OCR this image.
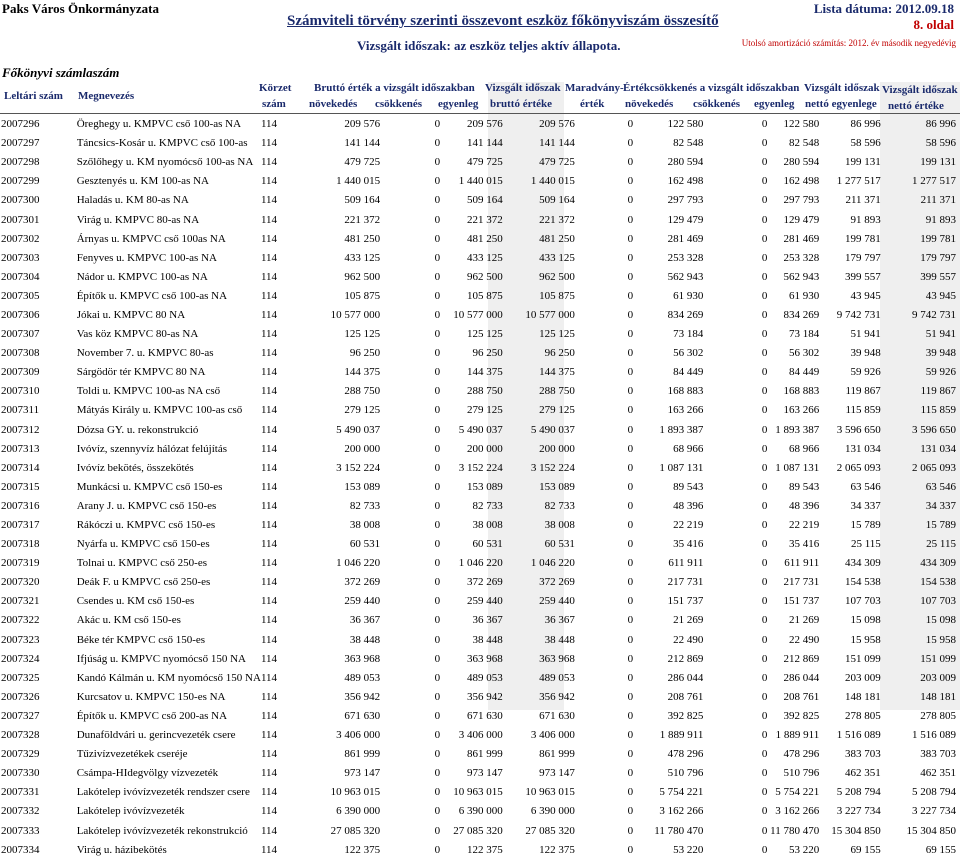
Paks Város Önkormányzata
Főkönyvi számlaszám
Számviteli törvény szerinti összevont eszköz főkönyviszám összesítő
Vizsgált időszak: az eszköz teljes aktív állapota.
Lista dátuma: 2012.09.18
8. oldal
Utolsó amortizáció számítás: 2012. év második negyedévig
Leltári szám Megnevezés
Körzet
szám
Bruttó érték a vizsgált időszakban
növekedés csökkenés egyenleg
Vizsgált időszak
bruttó értéke
Maradvány-
érték
Értékcsökkenés a vizsgált időszakban
növekedés csökkenés egyenleg
Vizsgált időszak
nettó egyenlege
Vizsgált időszak
nettó értéke
2007296	Öreghegy u. KMPVC cső 100-as NA	114	209 576	0	209 576	209 576	0	122 580	0	122 580	86 996	86 996
2007297	Táncsics-Kosár u. KMPVC cső 100-as	114	141 144	0	141 144	141 144	0	82 548	0	82 548	58 596	58 596
2007298	Szőlőhegy u. KM nyomócső 100-as NA	114	479 725	0	479 725	479 725	0	280 594	0	280 594	199 131	199 131
2007299	Gesztenyés u. KM 100-as NA	114	1 440 015	0	1 440 015	1 440 015	0	162 498	0	162 498	1 277 517	1 277 517
2007300	Haladás u. KM 80-as NA	114	509 164	0	509 164	509 164	0	297 793	0	297 793	211 371	211 371
2007301	Virág u. KMPVC 80-as NA	114	221 372	0	221 372	221 372	0	129 479	0	129 479	91 893	91 893
2007302	Árnyas u. KMPVC cső 100as NA	114	481 250	0	481 250	481 250	0	281 469	0	281 469	199 781	199 781
2007303	Fenyves u. KMPVC 100-as NA	114	433 125	0	433 125	433 125	0	253 328	0	253 328	179 797	179 797
2007304	Nádor u. KMPVC 100-as NA	114	962 500	0	962 500	962 500	0	562 943	0	562 943	399 557	399 557
2007305	Építők u. KMPVC cső 100-as NA	114	105 875	0	105 875	105 875	0	61 930	0	61 930	43 945	43 945
2007306	Jókai u. KMPVC 80 NA	114	10 577 000	0	10 577 000	10 577 000	0	834 269	0	834 269	9 742 731	9 742 731
2007307	Vas köz KMPVC 80-as NA	114	125 125	0	125 125	125 125	0	73 184	0	73 184	51 941	51 941
2007308	November 7. u. KMPVC 80-as	114	96 250	0	96 250	96 250	0	56 302	0	56 302	39 948	39 948
2007309	Sárgödör tér KMPVC 80 NA	114	144 375	0	144 375	144 375	0	84 449	0	84 449	59 926	59 926
2007310	Toldi u. KMPVC 100-as NA cső	114	288 750	0	288 750	288 750	0	168 883	0	168 883	119 867	119 867
2007311	Mátyás Király u. KMPVC 100-as cső	114	279 125	0	279 125	279 125	0	163 266	0	163 266	115 859	115 859
2007312	Dózsa GY. u. rekonstrukció	114	5 490 037	0	5 490 037	5 490 037	0	1 893 387	0	1 893 387	3 596 650	3 596 650
2007313	Ivóvíz, szennyvíz hálózat felújítás	114	200 000	0	200 000	200 000	0	68 966	0	68 966	131 034	131 034
2007314	Ivóvíz bekötés, összekötés	114	3 152 224	0	3 152 224	3 152 224	0	1 087 131	0	1 087 131	2 065 093	2 065 093
2007315	Munkácsi u. KMPVC cső 150-es	114	153 089	0	153 089	153 089	0	89 543	0	89 543	63 546	63 546
2007316	Arany J. u. KMPVC cső 150-es	114	82 733	0	82 733	82 733	0	48 396	0	48 396	34 337	34 337
2007317	Rákóczi u. KMPVC cső 150-es	114	38 008	0	38 008	38 008	0	22 219	0	22 219	15 789	15 789
2007318	Nyárfa u. KMPVC cső 150-es	114	60 531	0	60 531	60 531	0	35 416	0	35 416	25 115	25 115
2007319	Tolnai u. KMPVC cső 250-es	114	1 046 220	0	1 046 220	1 046 220	0	611 911	0	611 911	434 309	434 309
2007320	Deák F. u KMPVC cső 250-es	114	372 269	0	372 269	372 269	0	217 731	0	217 731	154 538	154 538
2007321	Csendes u. KM cső 150-es	114	259 440	0	259 440	259 440	0	151 737	0	151 737	107 703	107 703
2007322	Akác u. KM cső 150-es	114	36 367	0	36 367	36 367	0	21 269	0	21 269	15 098	15 098
2007323	Béke tér KMPVC cső 150-es	114	38 448	0	38 448	38 448	0	22 490	0	22 490	15 958	15 958
2007324	Ifjúság u. KMPVC nyomócső 150 NA	114	363 968	0	363 968	363 968	0	212 869	0	212 869	151 099	151 099
2007325	Kandó Kálmán u. KM nyomócső 150 NA	114	489 053	0	489 053	489 053	0	286 044	0	286 044	203 009	203 009
2007326	Kurcsatov u. KMPVC 150-es NA	114	356 942	0	356 942	356 942	0	208 761	0	208 761	148 181	148 181
2007327	Építők u. KMPVC cső 200-as NA	114	671 630	0	671 630	671 630	0	392 825	0	392 825	278 805	278 805
2007328	Dunaföldvári u. gerincvezeték csere	114	3 406 000	0	3 406 000	3 406 000	0	1 889 911	0	1 889 911	1 516 089	1 516 089
2007329	Tűzivízvezetékek cseréje	114	861 999	0	861 999	861 999	0	478 296	0	478 296	383 703	383 703
2007330	Csámpa-HIdegvölgy vízvezeték	114	973 147	0	973 147	973 147	0	510 796	0	510 796	462 351	462 351
2007331	Lakótelep ivóvízvezeték rendszer csere	114	10 963 015	0	10 963 015	10 963 015	0	5 754 221	0	5 754 221	5 208 794	5 208 794
2007332	Lakótelep ivóvízvezeték	114	6 390 000	0	6 390 000	6 390 000	0	3 162 266	0	3 162 266	3 227 734	3 227 734
2007333	Lakótelep ivóvízvezeték rekonstrukció	114	27 085 320	0	27 085 320	27 085 320	0	11 780 470	0	11 780 470	15 304 850	15 304 850
2007334	Virág u. házibekötés	114	122 375	0	122 375	122 375	0	53 220	0	53 220	69 155	69 155
